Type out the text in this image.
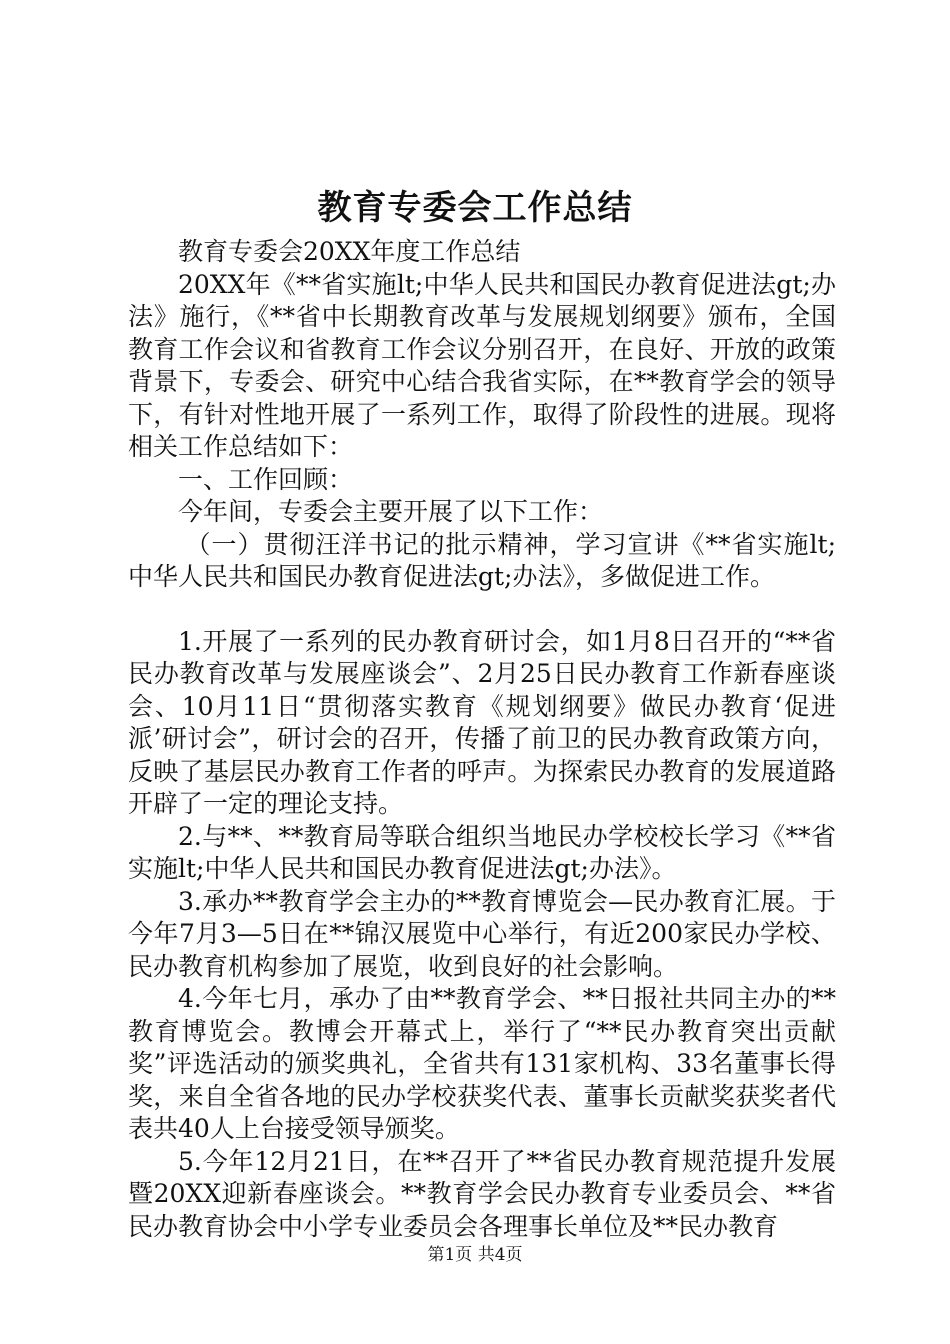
教育专委会工作总结

教育专委会20XX年度工作总结

20XX年《**省实施lt;中华人民共和国民办教育促进法gt;办法》施行，《**省中长期教育改革与发展规划纲要》颁布，全国教育工作会议和省教育工作会议分别召开，在良好、开放的政策背景下，专委会、研究中心结合我省实际，在**教育学会的领导下，有针对性地开展了一系列工作，取得了阶段性的进展。现将相关工作总结如下：

一、工作回顾：

今年间，专委会主要开展了以下工作：

（一）贯彻汪洋书记的批示精神，学习宣讲《**省实施lt;中华人民共和国民办教育促进法gt;办法》，多做促进工作。

1.开展了一系列的民办教育研讨会，如1月8日召开的“**省民办教育改革与发展座谈会”、2月25日民办教育工作新春座谈会、10月11日“贯彻落实教育《规划纲要》做民办教育‘促进派’研讨会”，研讨会的召开，传播了前卫的民办教育政策方向，反映了基层民办教育工作者的呼声。为探索民办教育的发展道路开辟了一定的理论支持。

2.与**、**教育局等联合组织当地民办学校校长学习《**省实施lt;中华人民共和国民办教育促进法gt;办法》。

3.承办**教育学会主办的**教育博览会—民办教育汇展。于今年7月3—5日在**锦汉展览中心举行，有近200家民办学校、民办教育机构参加了展览，收到良好的社会影响。

4.今年七月，承办了由**教育学会、**日报社共同主办的**教育博览会。教博会开幕式上，举行了“**民办教育突出贡献奖”评选活动的颁奖典礼，全省共有131家机构、33名董事长得奖，来自全省各地的民办学校获奖代表、董事长贡献奖获奖者代表共40人上台接受领导颁奖。

5.今年12月21日，在**召开了**省民办教育规范提升发展暨20XX迎新春座谈会。**教育学会民办教育专业委员会、**省民办教育协会中小学专业委员会各理事长单位及**民办教育

第1页 共4页
